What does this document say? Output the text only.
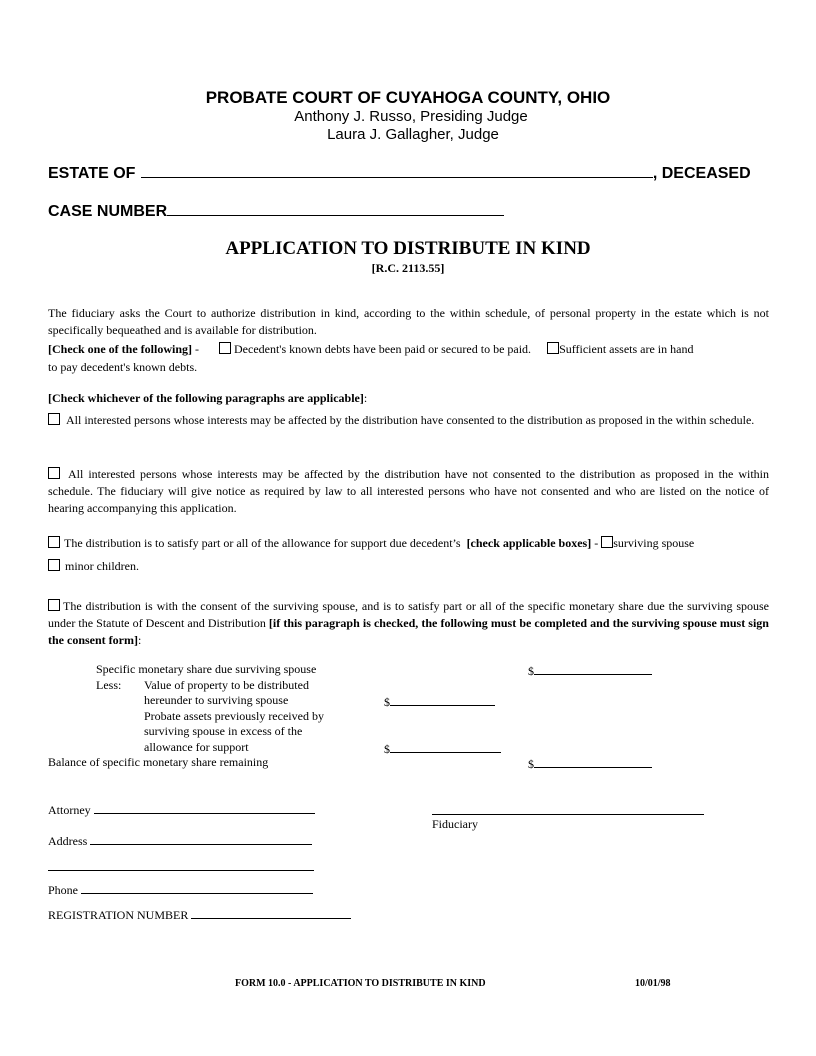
PROBATE COURT OF CUYAHOGA COUNTY, OHIO
Anthony J. Russo, Presiding Judge
Laura J. Gallagher, Judge
ESTATE OF	, DECEASED
CASE NUMBER
APPLICATION TO DISTRIBUTE IN KIND
[R.C. 2113.55]
The fiduciary asks the Court to authorize distribution in kind, according to the within schedule, of personal property in the estate which is not specifically bequeathed and is available for distribution.
[Check one of the following] -	Decedent's known debts have been paid or secured to be paid. Sufficient assets are in hand
to pay decedent's known debts.
[Check whichever of the following paragraphs are applicable]:
All interested persons whose interests may be affected by the distribution have consented to the distribution as proposed in the within schedule.
All interested persons whose interests may be affected by the distribution have not consented to the distribution as proposed in the within schedule. The fiduciary will give notice as required by law to all interested persons who have not consented and who are listed on the notice of hearing accompanying this application.
The distribution is to satisfy part or all of the allowance for support due decedent’s [check applicable boxes] - surviving spouse
minor children.
The distribution is with the consent of the surviving spouse, and is to satisfy part or all of the specific monetary share due the surviving spouse under the Statute of Descent and Distribution [if this paragraph is checked, the following must be completed and the surviving spouse must sign the consent form]:
Specific monetary share due surviving spouse	$
Less: Value of property to be distributed
hereunder to surviving spouse	$
Probate assets previously received by
surviving spouse in excess of the
allowance for support	$
Balance of specific monetary share remaining	$
Attorney
Fiduciary
Address
Phone
REGISTRATION NUMBER
FORM 10.0 - APPLICATION TO DISTRIBUTE IN KIND	10/01/98
